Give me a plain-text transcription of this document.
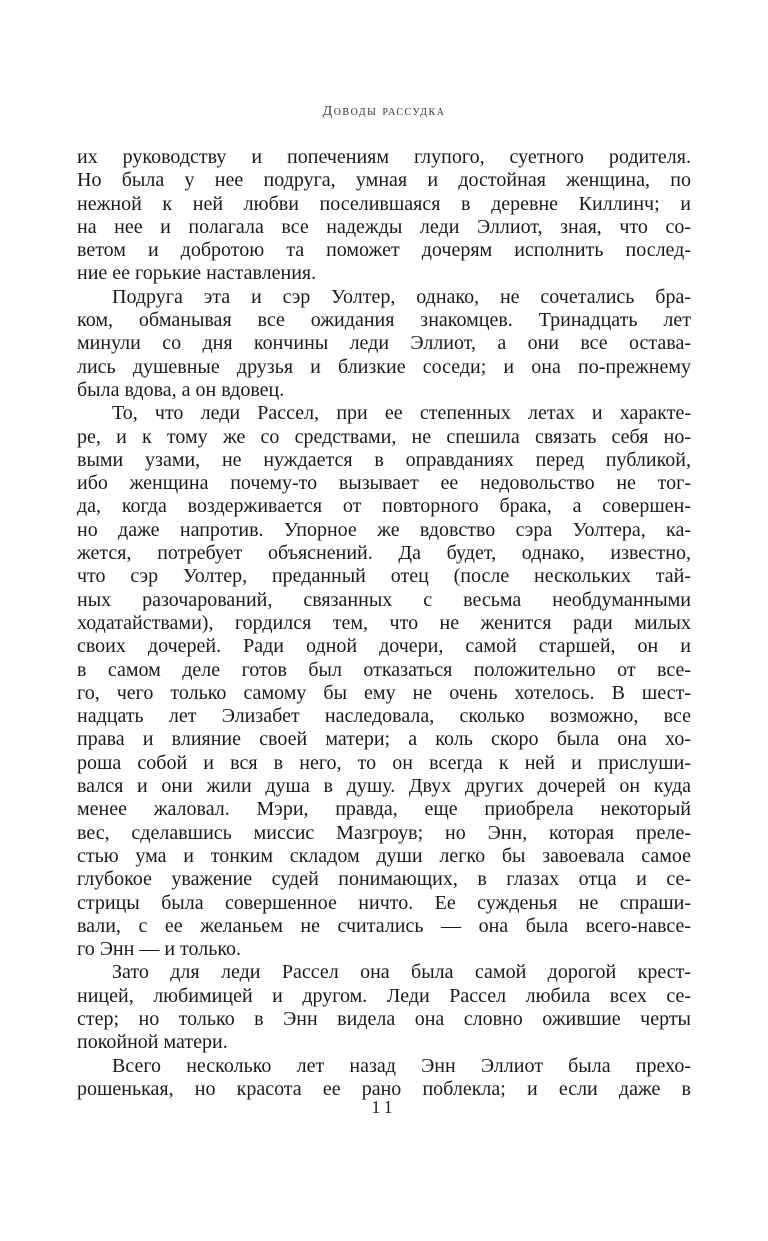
Доводы рассудка
их руководству и попечениям глупого, суетного родителя.
Но была у нее подруга, умная и достойная женщина, по
нежной к ней любви поселившаяся в деревне Киллинч; и
на нее и полагала все надежды леди Эллиот, зная, что со-
ветом и добротою та поможет дочерям исполнить послед-
ние ее горькие наставления.
Подруга эта и сэр Уолтер, однако, не сочетались бра-
ком, обманывая все ожидания знакомцев. Тринадцать лет
минули со дня кончины леди Эллиот, а они все остава-
лись душевные друзья и близкие соседи; и она по-прежнему
была вдова, а он вдовец.
То, что леди Рассел, при ее степенных летах и характе-
ре, и к тому же со средствами, не спешила связать себя но-
выми узами, не нуждается в оправданиях перед публикой,
ибо женщина почему-то вызывает ее недовольство не тог-
да, когда воздерживается от повторного брака, а совершен-
но даже напротив. Упорное же вдовство сэра Уолтера, ка-
жется, потребует объяснений. Да будет, однако, известно,
что сэр Уолтер, преданный отец (после нескольких тай-
ных разочарований, связанных с весьма необдуманными
ходатайствами), гордился тем, что не женится ради милых
своих дочерей. Ради одной дочери, самой старшей, он и
в самом деле готов был отказаться положительно от все-
го, чего только самому бы ему не очень хотелось. В шест-
надцать лет Элизабет наследовала, сколько возможно, все
права и влияние своей матери; а коль скоро была она хо-
роша собой и вся в него, то он всегда к ней и прислуши-
вался и они жили душа в душу. Двух других дочерей он куда
менее жаловал. Мэри, правда, еще приобрела некоторый
вес, сделавшись миссис Мазгроув; но Энн, которая преле-
стью ума и тонким складом души легко бы завоевала самое
глубокое уважение судей понимающих, в глазах отца и се-
стрицы была совершенное ничто. Ее сужденья не спраши-
вали, с ее желаньем не считались — она была всего-навсе-
го Энн — и только.
Зато для леди Рассел она была самой дорогой крест-
ницей, любимицей и другом. Леди Рассел любила всех се-
стер; но только в Энн видела она словно ожившие черты
покойной матери.
Всего несколько лет назад Энн Эллиот была прехо-
рошенькая, но красота ее рано поблекла; и если даже в
11
